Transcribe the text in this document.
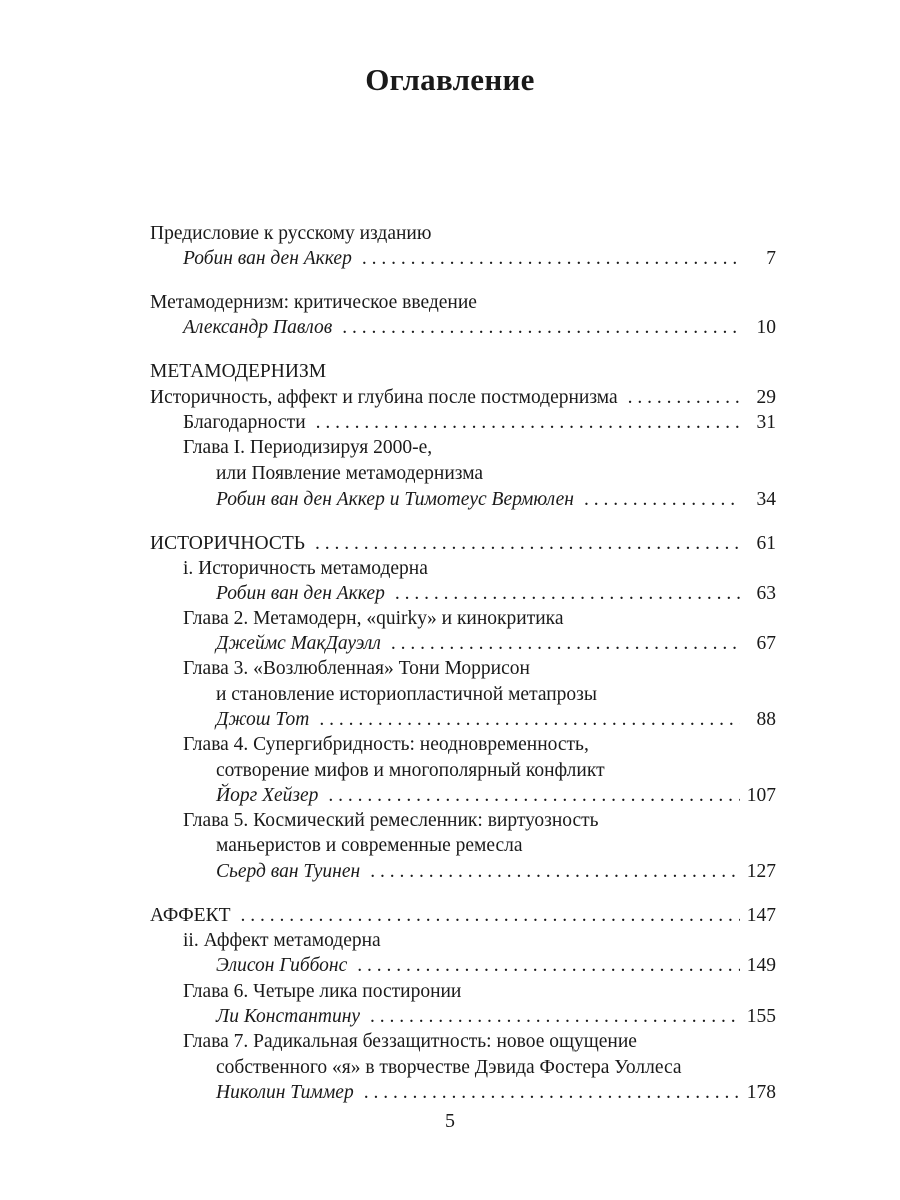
Оглавление
Предисловие к русскому изданию
Робин ван ден Аккер . . .	7
Метамодернизм: критическое введение
Александр Павлов . . .	10
МЕТАМОДЕРНИЗМ
Историчность, аффект и глубина после постмодернизма . . .	29
Благодарности . . .	31
Глава I. Периодизируя 2000-е,
или Появление метамодернизма
Робин ван ден Аккер и Тимотеус Вермюлен . . .	34
ИСТОРИЧНОСТЬ . . .	61
i. Историчность метамодерна
Робин ван ден Аккер . . .	63
Глава 2. Метамодерн, «quirky» и кинокритика
Джеймс МакДауэлл . . .	67
Глава 3. «Возлюбленная» Тони Моррисон
и становление историопластичной метапрозы
Джош Тот . . .	88
Глава 4. Супергибридность: неодновременность,
сотворение мифов и многополярный конфликт
Йорг Хейзер . . .	107
Глава 5. Космический ремесленник: виртуозность
маньеристов и современные ремесла
Сьерд ван Туинен . . .	127
АФФЕКТ . . .	147
ii. Аффект метамодерна
Элисон Гиббонс . . .	149
Глава 6. Четыре лика постиронии
Ли Константину . . .	155
Глава 7. Радикальная беззащитность: новое ощущение
собственного «я» в творчестве Дэвида Фостера Уоллеса
Николин Тиммер . . .	178
5
